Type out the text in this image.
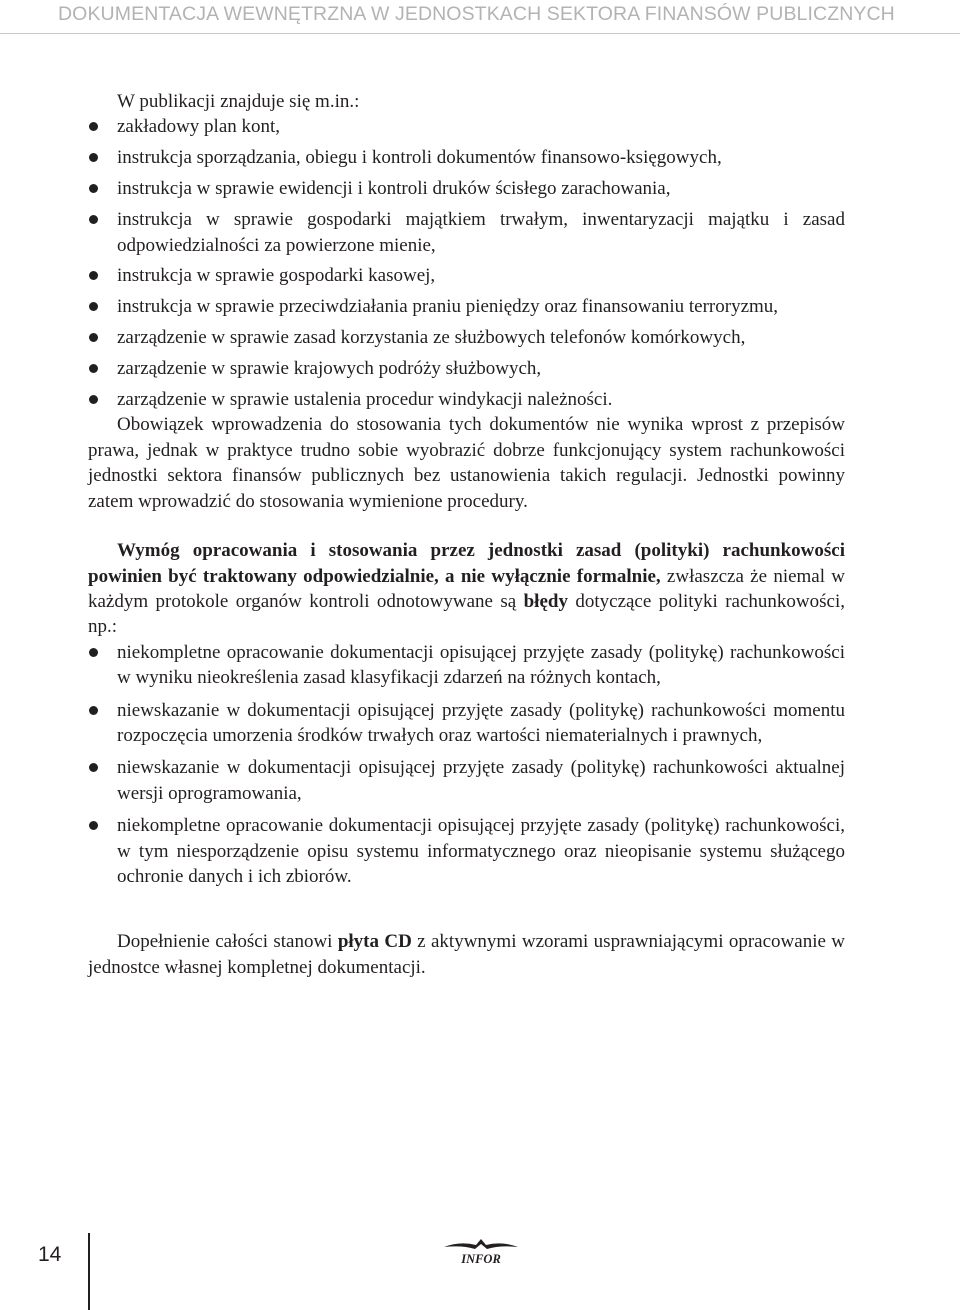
DOKUMENTACJA WEWNĘTRZNA W JEDNOSTKACH SEKTORA FINANSÓW PUBLICZNYCH

W publikacji znajduje się m.in.:

zakładowy plan kont,
instrukcja sporządzania, obiegu i kontroli dokumentów finansowo-księgowych,
instrukcja w sprawie ewidencji i kontroli druków ścisłego zarachowania,
instrukcja w sprawie gospodarki majątkiem trwałym, inwentaryzacji majątku i zasad odpowiedzialności za powierzone mienie,
instrukcja w sprawie gospodarki kasowej,
instrukcja w sprawie przeciwdziałania praniu pieniędzy oraz finansowaniu terroryzmu,
zarządzenie w sprawie zasad korzystania ze służbowych telefonów komórkowych,
zarządzenie w sprawie krajowych podróży służbowych,
zarządzenie w sprawie ustalenia procedur windykacji należności.

Obowiązek wprowadzenia do stosowania tych dokumentów nie wynika wprost z przepisów prawa, jednak w praktyce trudno sobie wyobrazić dobrze funkcjonujący system rachunkowości jednostki sektora finansów publicznych bez ustanowienia takich regulacji. Jednostki powinny zatem wprowadzić do stosowania wymienione procedury.

Wymóg opracowania i stosowania przez jednostki zasad (polityki) rachunkowości powinien być traktowany odpowiedzialnie, a nie wyłącznie formalnie, zwłaszcza że niemal w każdym protokole organów kontroli odnotowywane są błędy dotyczące polityki rachunkowości, np.:

niekompletne opracowanie dokumentacji opisującej przyjęte zasady (politykę) rachunkowości w wyniku nieokreślenia zasad klasyfikacji zdarzeń na różnych kontach,
niewskazanie w dokumentacji opisującej przyjęte zasady (politykę) rachunkowości momentu rozpoczęcia umorzenia środków trwałych oraz wartości niematerialnych i prawnych,
niewskazanie w dokumentacji opisującej przyjęte zasady (politykę) rachunkowości aktualnej wersji oprogramowania,
niekompletne opracowanie dokumentacji opisującej przyjęte zasady (politykę) rachunkowości, w tym niesporządzenie opisu systemu informatycznego oraz nieopisanie systemu służącego ochronie danych i ich zbiorów.

Dopełnienie całości stanowi płyta CD z aktywnymi wzorami usprawniającymi opracowanie w jednostce własnej kompletnej dokumentacji.

14	INFOR
